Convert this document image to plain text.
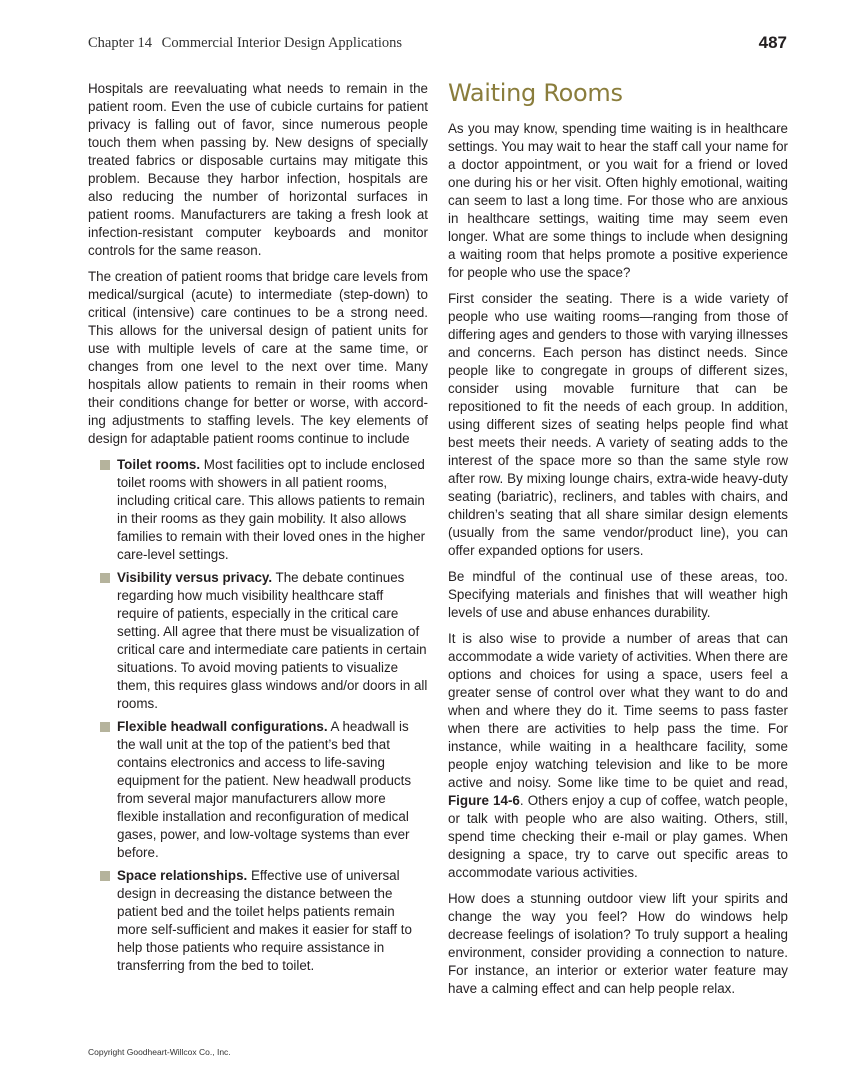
Chapter 14 Commercial Interior Design Applications	487

Hospitals are reevaluating what needs to remain in the patient room. Even the use of cubicle curtains for patient privacy is falling out of favor, since numerous people touch them when passing by. New designs of specially treated fabrics or disposable curtains may mitigate this problem. Because they harbor infection, hospitals are also reducing the number of horizontal surfaces in patient rooms. Manufacturers are taking a fresh look at infection-resistant computer keyboards and monitor controls for the same reason.

The creation of patient rooms that bridge care levels from medical/surgical (acute) to intermediate (step-down) to critical (intensive) care continues to be a strong need. This allows for the universal design of patient units for use with multiple levels of care at the same time, or changes from one level to the next over time. Many hospitals allow patients to remain in their rooms when their conditions change for better or worse, with accord-ing adjustments to staffing levels. The key elements of design for adaptable patient rooms continue to include

Toilet rooms. Most facilities opt to include enclosed toilet rooms with showers in all patient rooms, including critical care. This allows patients to remain in their rooms as they gain mobility. It also allows families to remain with their loved ones in the higher care-level settings.
Visibility versus privacy. The debate continues regarding how much visibility healthcare staff require of patients, especially in the critical care setting. All agree that there must be visualization of critical care and intermediate care patients in certain situations. To avoid moving patients to visualize them, this requires glass windows and/or doors in all rooms.
Flexible headwall configurations. A headwall is the wall unit at the top of the patient’s bed that contains electronics and access to life-saving equipment for the patient. New headwall products from several major manufacturers allow more flexible installation and reconfiguration of medical gases, power, and low-voltage systems than ever before.
Space relationships. Effective use of universal design in decreasing the distance between the patient bed and the toilet helps patients remain more self-sufficient and makes it easier for staff to help those patients who require assistance in transferring from the bed to toilet.
Waiting Rooms

As you may know, spending time waiting is in healthcare settings. You may wait to hear the staff call your name for a doctor appointment, or you wait for a friend or loved one during his or her visit. Often highly emotional, waiting can seem to last a long time. For those who are anxious in healthcare settings, waiting time may seem even longer. What are some things to include when designing a waiting room that helps promote a positive experience for people who use the space?

First consider the seating. There is a wide variety of people who use waiting rooms—ranging from those of differing ages and genders to those with varying illnesses and concerns. Each person has distinct needs. Since people like to congregate in groups of different sizes, consider using movable furniture that can be repositioned to fit the needs of each group. In addition, using different sizes of seating helps people find what best meets their needs. A variety of seating adds to the interest of the space more so than the same style row after row. By mixing lounge chairs, extra-wide heavy-duty seating (bariatric), recliners, and tables with chairs, and children’s seating that all share similar design elements (usually from the same vendor/product line), you can offer expanded options for users.

Be mindful of the continual use of these areas, too. Specifying materials and finishes that will weather high levels of use and abuse enhances durability.

It is also wise to provide a number of areas that can accommodate a wide variety of activities. When there are options and choices for using a space, users feel a greater sense of control over what they want to do and when and where they do it. Time seems to pass faster when there are activities to help pass the time. For instance, while waiting in a healthcare facility, some people enjoy watching television and like to be more active and noisy. Some like time to be quiet and read, Figure 14-6. Others enjoy a cup of coffee, watch people, or talk with people who are also waiting. Others, still, spend time checking their e-mail or play games. When designing a space, try to carve out specific areas to accommodate various activities.

How does a stunning outdoor view lift your spirits and change the way you feel? How do windows help decrease feelings of isolation? To truly support a healing environment, consider providing a connection to nature. For instance, an interior or exterior water feature may have a calming effect and can help people relax.

Copyright Goodheart-Willcox Co., Inc.
